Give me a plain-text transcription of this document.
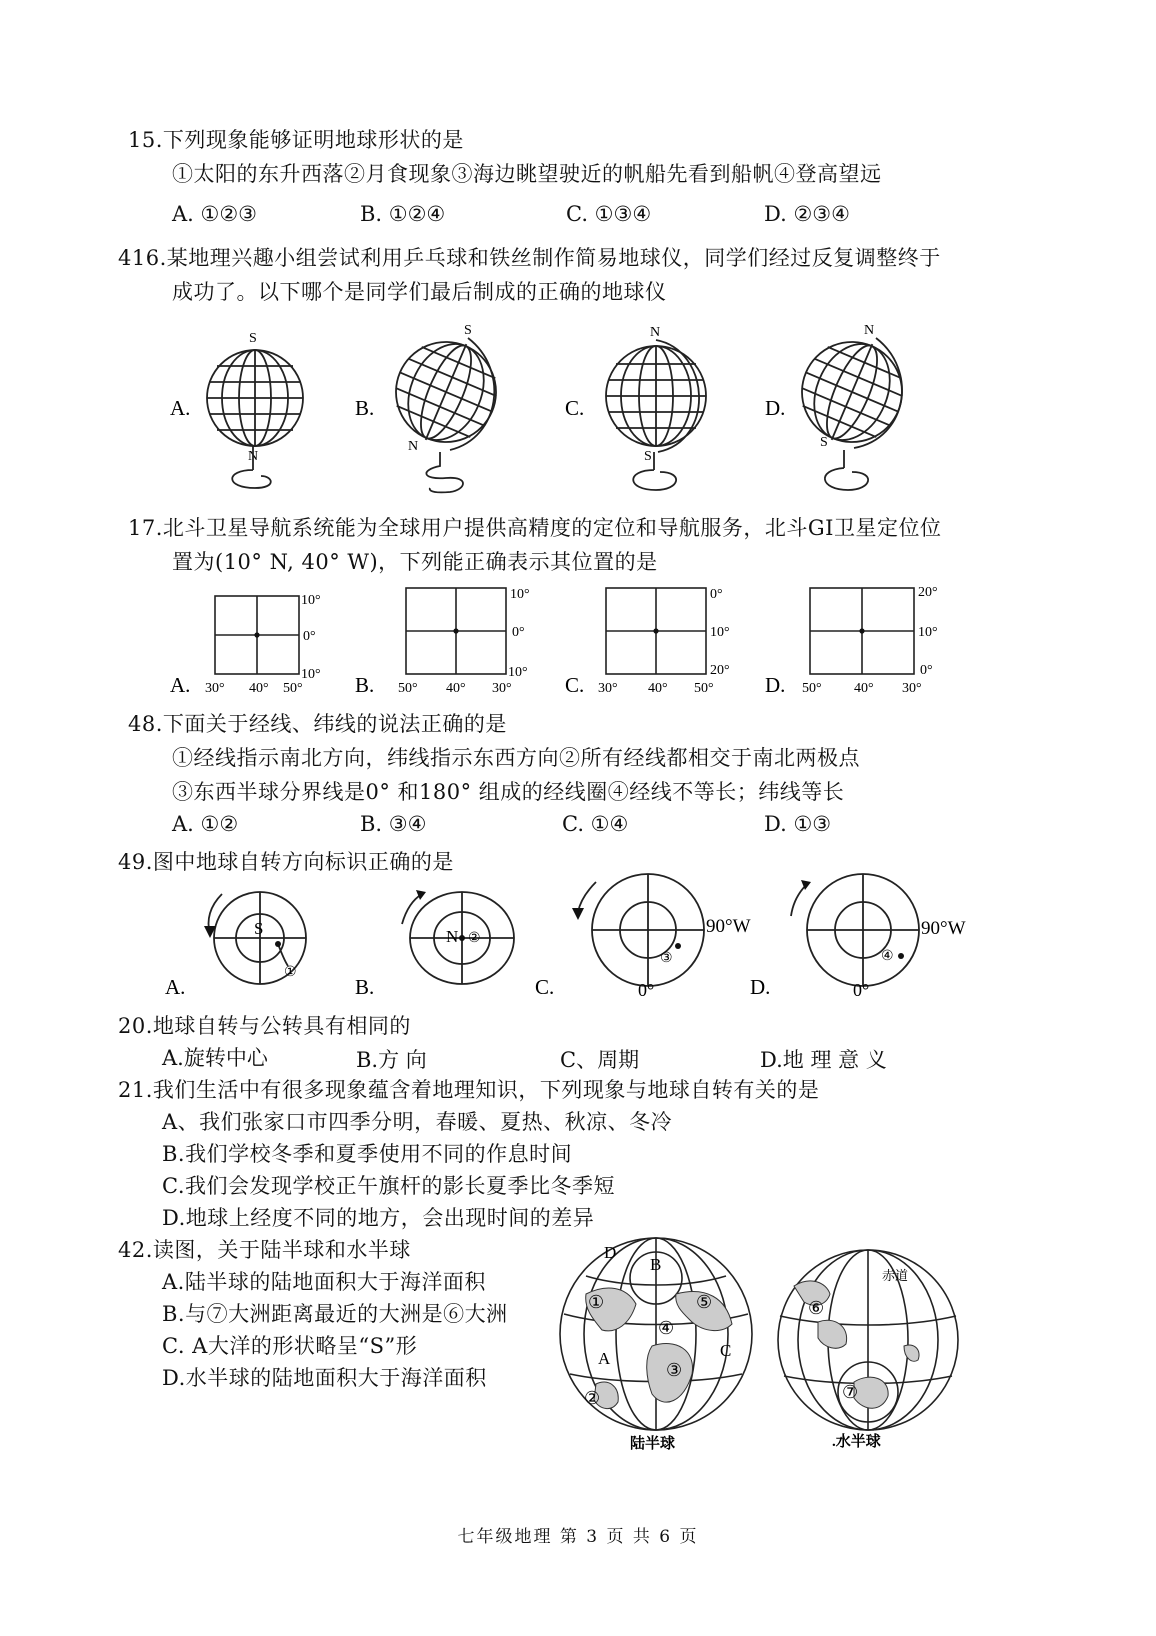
15.下列现象能够证明地球形状的是
①太阳的东升西落②月食现象③海边眺望驶近的帆船先看到船帆④登高望远
A. ①②③	B. ①②④	C. ①③④	D. ②③④
416.某地理兴趣小组尝试利用乒乓球和铁丝制作简易地球仪，同学们经过反复调整终于
成功了。以下哪个是同学们最后制成的正确的地球仪
A.
S
N
B.
S
N
C.
N
S
D.
N
S
17.北斗卫星导航系统能为全球用户提供高精度的定位和导航服务，北斗GI卫星定位位
置为(10° N, 40° W)，下列能正确表示其位置的是
A.
10°
0°
10°
30° 40° 50° B.
10°
0°
10°
50° 40° 30°	C.
0°
10°
20°
30° 40° 50° D.
20°
10°
0°
50° 40° 30°
48.下面关于经线、纬线的说法正确的是
①经线指示南北方向，纬线指示东西方向②所有经线都相交于南北两极点
③东西半球分界线是0° 和180° 组成的经线圈④经线不等长；纬线等长
A. ①②	B. ③④	C. ①④	D. ①③
49.图中地球自转方向标识正确的是
A.
S
①
B.
N ②
C.
③
90°W
0°	D.
④
90°W
0°
20.地球自转与公转具有相同的
A.旋转中心	B.方 向	C、周期	D.地 理 意 义
21.我们生活中有很多现象蕴含着地理知识，下列现象与地球自转有关的是
A、我们张家口市四季分明，春暖、夏热、秋凉、冬冷
B.我们学校冬季和夏季使用不同的作息时间
C.我们会发现学校正午旗杆的影长夏季比冬季短
D.地球上经度不同的地方，会出现时间的差异
42.读图，关于陆半球和水半球
A.陆半球的陆地面积大于海洋面积
B.与⑦大洲距离最近的大洲是⑥大洲
C. A大洋的形状略呈“S”形
D.水半球的陆地面积大于海洋面积
D
B
①	⑤
④
C
A
③
②
陆半球
赤道
⑥
⑦
.水半球
七年级地理 第 3 页 共 6 页
